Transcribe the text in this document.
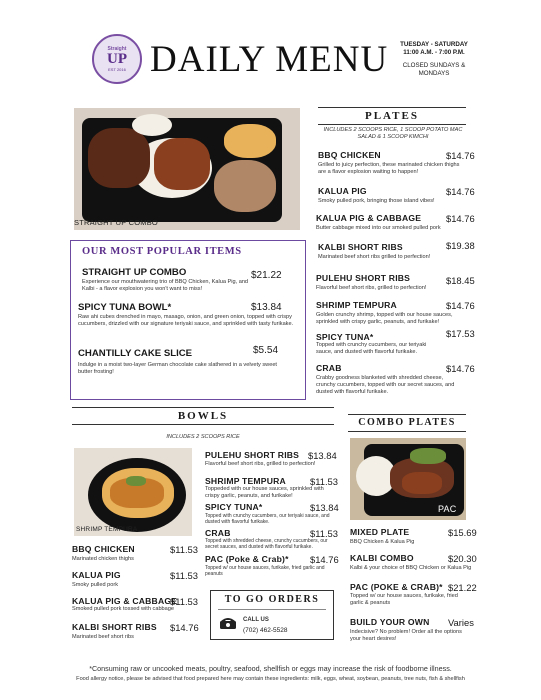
Straight
UP
EST 2016 DAILY MENU	TUESDAY - SATURDAY
11:00 A.M. - 7:00 P.M.
CLOSED SUNDAYS & MONDAYS
STRAIGHT UP COMBO
OUR MOST POPULAR ITEMS
STRAIGHT UP COMBO	$21.22
Experience our mouthwatering trio of BBQ Chicken, Kalua Pig, and Kalbi - a flavor explosion you won't want to miss!
SPICY TUNA BOWL*	$13.84
Raw ahi cubes drenched in mayo, masago, onion, and green onion, topped with crispy cucumbers, drizzled with our signature teriyaki sauce, and sprinkled with tasty furikake.
CHANTILLY CAKE SLICE	$5.54
Indulge in a moist two-layer German chocolate cake slathered in a velvety sweet butter frosting!
PLATES
INCLUDES 2 SCOOPS RICE, 1 SCOOP POTATO MAC SALAD & 1 SCOOP KIMCHI
BBQ CHICKEN	$14.76
Grilled to juicy perfection, these marinated chicken thighs are a flavor explosion waiting to happen!
KALUA PIG	$14.76
Smoky pulled pork, bringing those island vibes!
KALUA PIG & CABBAGE	$14.76
Butter cabbage mixed into our smoked pulled pork
KALBI SHORT RIBS	$19.38
Marinated beef short ribs grilled to perfection!
PULEHU SHORT RIBS	$18.45
Flavorful beef short ribs, grilled to perfection!
SHRIMP TEMPURA	$14.76
Golden crunchy shrimp, topped with our house sauces, sprinkled with crispy garlic, peanuts, and furikake!
SPICY TUNA*	$17.53
Topped with crunchy cucumbers, our teriyaki sauce, and dusted with flavorful furikake.
CRAB	$14.76
Crabby goodness blanketed with shredded cheese, crunchy cucumbers, topped with our secret sauces, and dusted with flavorful furikake.
BOWLS
INCLUDES 2 SCOOPS RICE
SHRIMP TEMPURA
BBQ CHICKEN	$11.53
Marinated chicken thighs
KALUA PIG	$11.53
Smoky pulled pork
KALUA PIG & CABBAGE
$11.53
Smoked pulled pork tossed with cabbage
KALBI SHORT RIBS $14.76
Marinated beef short ribs
PULEHU SHORT RIBS $13.84
Flavorful beef short ribs, grilled to perfection!
SHRIMP TEMPURA	$11.53
Toppeded with our house sauces, sprinkled with crispy garlic, peanuts, and furikake!
SPICY TUNA*	$13.84
Topped with crunchy cucumbers, our teriyaki sauce, and dusted with flavorful furikake.
CRAB	$11.53
Topped with shredded cheese, crunchy cucumbers, our secret sauces, and dusted with flavorful furikake.
PAC (Poke & Crab)* $14.76
Topped w/ our house sauces, furikake, fried garlic and peanuts
TO GO ORDERS
CALL US
(702) 462-5528
COMBO PLATES
PAC
MIXED PLATE	$15.69
BBQ Chicken & Kalua Pig
KALBI COMBO	$20.30
Kalbi & your choice of BBQ Chicken or Kalua Pig
PAC (POKE & CRAB)* $21.22
Topped w/ our house sauces, furikake, fried garlic & peanuts
BUILD YOUR OWN Varies
Indecisive? No problem! Order all the options your heart desires!
*Consuming raw or uncooked meats, poultry, seafood, shellfish or eggs may increase the risk of foodborne illness.
Food allergy notice, please be advised that food prepared here may contain these ingredients: milk, eggs, wheat, soybean, peanuts, tree nuts, fish & shellfish
